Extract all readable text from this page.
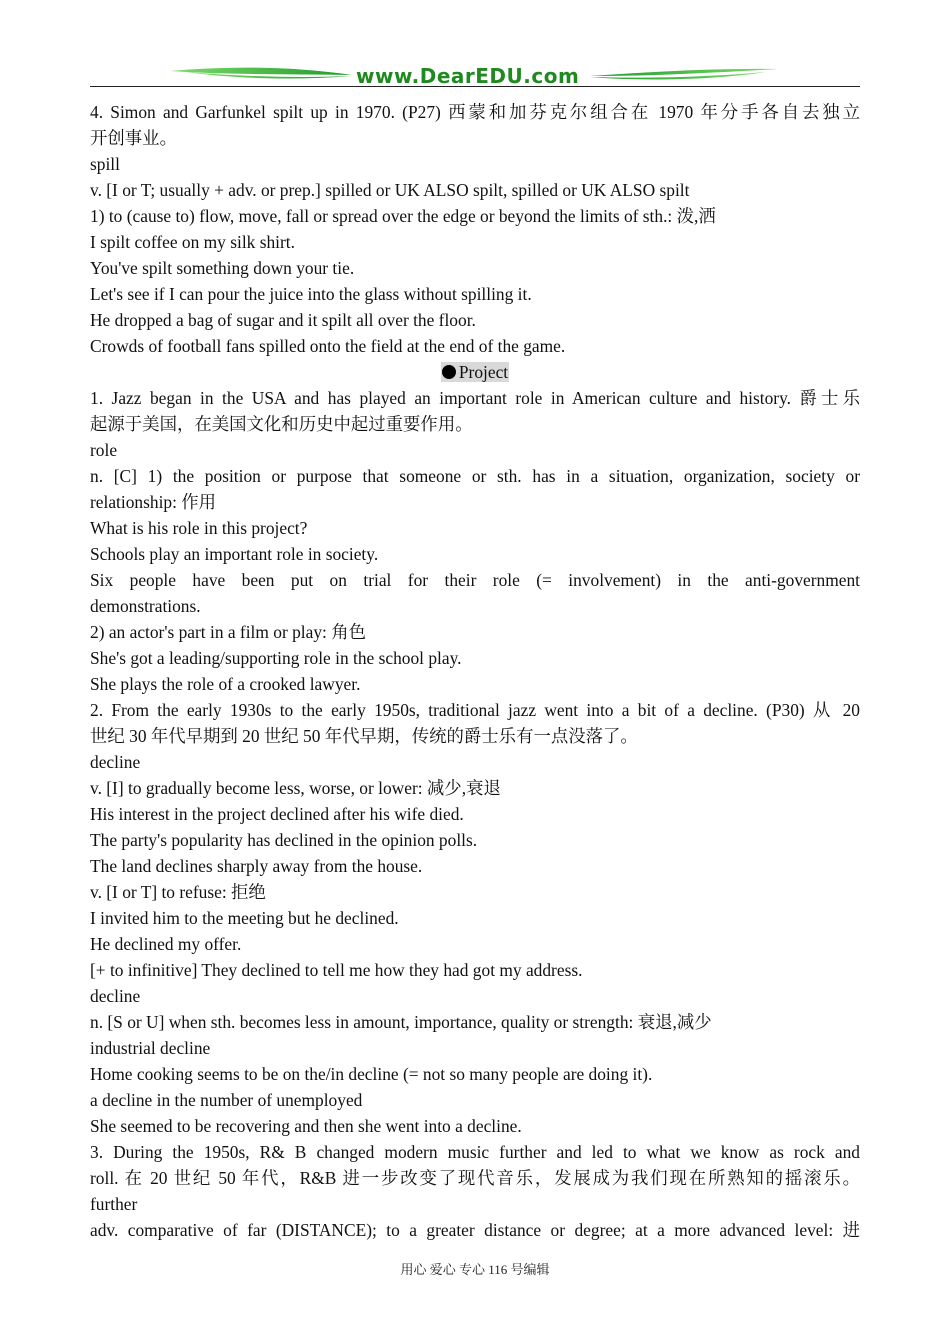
www.DearEDU.com
4. Simon and Garfunkel spilt up in 1970. (P27) 西蒙和加芬克尔组合在 1970 年分手各自去独立
开创事业。
spill
v. [I or T; usually + adv. or prep.] spilled or UK ALSO spilt, spilled or UK ALSO spilt
1) to (cause to) flow, move, fall or spread over the edge or beyond the limits of sth.: 泼,洒
I spilt coffee on my silk shirt.
You've spilt something down your tie.
Let's see if I can pour the juice into the glass without spilling it.
He dropped a bag of sugar and it spilt all over the floor.
Crowds of football fans spilled onto the field at the end of the game.
Project
1. Jazz began in the USA and has played an important role in American culture and history. 爵士乐
起源于美国，在美国文化和历史中起过重要作用。
role
n. [C] 1) the position or purpose that someone or sth. has in a situation, organization, society or
relationship: 作用
What is his role in this project?
Schools play an important role in society.
Six people have been put on trial for their role (= involvement) in the anti-government
demonstrations.
2) an actor's part in a film or play: 角色
She's got a leading/supporting role in the school play.
She plays the role of a crooked lawyer.
2. From the early 1930s to the early 1950s, traditional jazz went into a bit of a decline. (P30) 从 20
世纪 30 年代早期到 20 世纪 50 年代早期，传统的爵士乐有一点没落了。
decline
v. [I] to gradually become less, worse, or lower: 减少,衰退
His interest in the project declined after his wife died.
The party's popularity has declined in the opinion polls.
The land declines sharply away from the house.
v. [I or T] to refuse: 拒绝
I invited him to the meeting but he declined.
He declined my offer.
[+ to infinitive] They declined to tell me how they had got my address.
decline
n. [S or U] when sth. becomes less in amount, importance, quality or strength: 衰退,减少
industrial decline
Home cooking seems to be on the/in decline (= not so many people are doing it).
a decline in the number of unemployed
She seemed to be recovering and then she went into a decline.
3. During the 1950s, R& B changed modern music further and led to what we know as rock and
roll. 在 20 世纪 50 年代，R&B 进一步改变了现代音乐，发展成为我们现在所熟知的摇滚乐。
further
adv. comparative of far (DISTANCE); to a greater distance or degree; at a more advanced level: 进
用心 爱心 专心 116 号编辑
